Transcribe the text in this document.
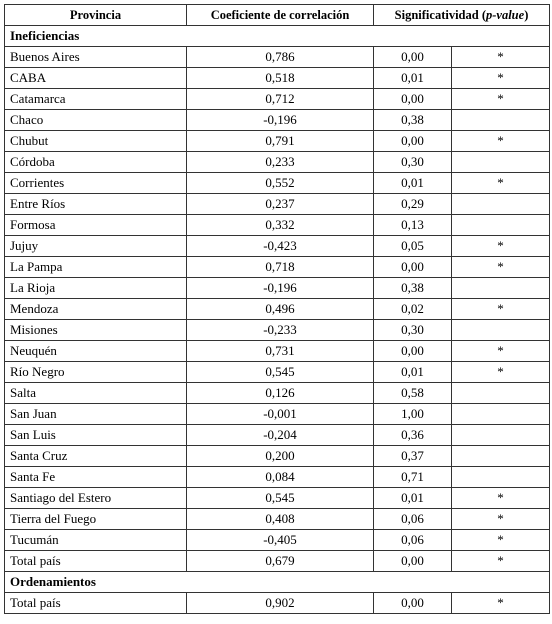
Provincia	Coeficiente de correlación	Significatividad (p-value)	
Ineficiencias			
Buenos Aires	0,786	0,00	*
CABA	0,518	0,01	*
Catamarca	0,712	0,00	*
Chaco	-0,196	0,38	
Chubut	0,791	0,00	*
Córdoba	0,233	0,30	
Corrientes	0,552	0,01	*
Entre Ríos	0,237	0,29	
Formosa	0,332	0,13	
Jujuy	-0,423	0,05	*
La Pampa	0,718	0,00	*
La Rioja	-0,196	0,38	
Mendoza	0,496	0,02	*
Misiones	-0,233	0,30	
Neuquén	0,731	0,00	*
Río Negro	0,545	0,01	*
Salta	0,126	0,58	
San Juan	-0,001	1,00	
San Luis	-0,204	0,36	
Santa Cruz	0,200	0,37	
Santa Fe	0,084	0,71	
Santiago del Estero	0,545	0,01	*
Tierra del Fuego	0,408	0,06	*
Tucumán	-0,405	0,06	*
Total país	0,679	0,00	*
Ordenamientos			
Total país	0,902	0,00	*
